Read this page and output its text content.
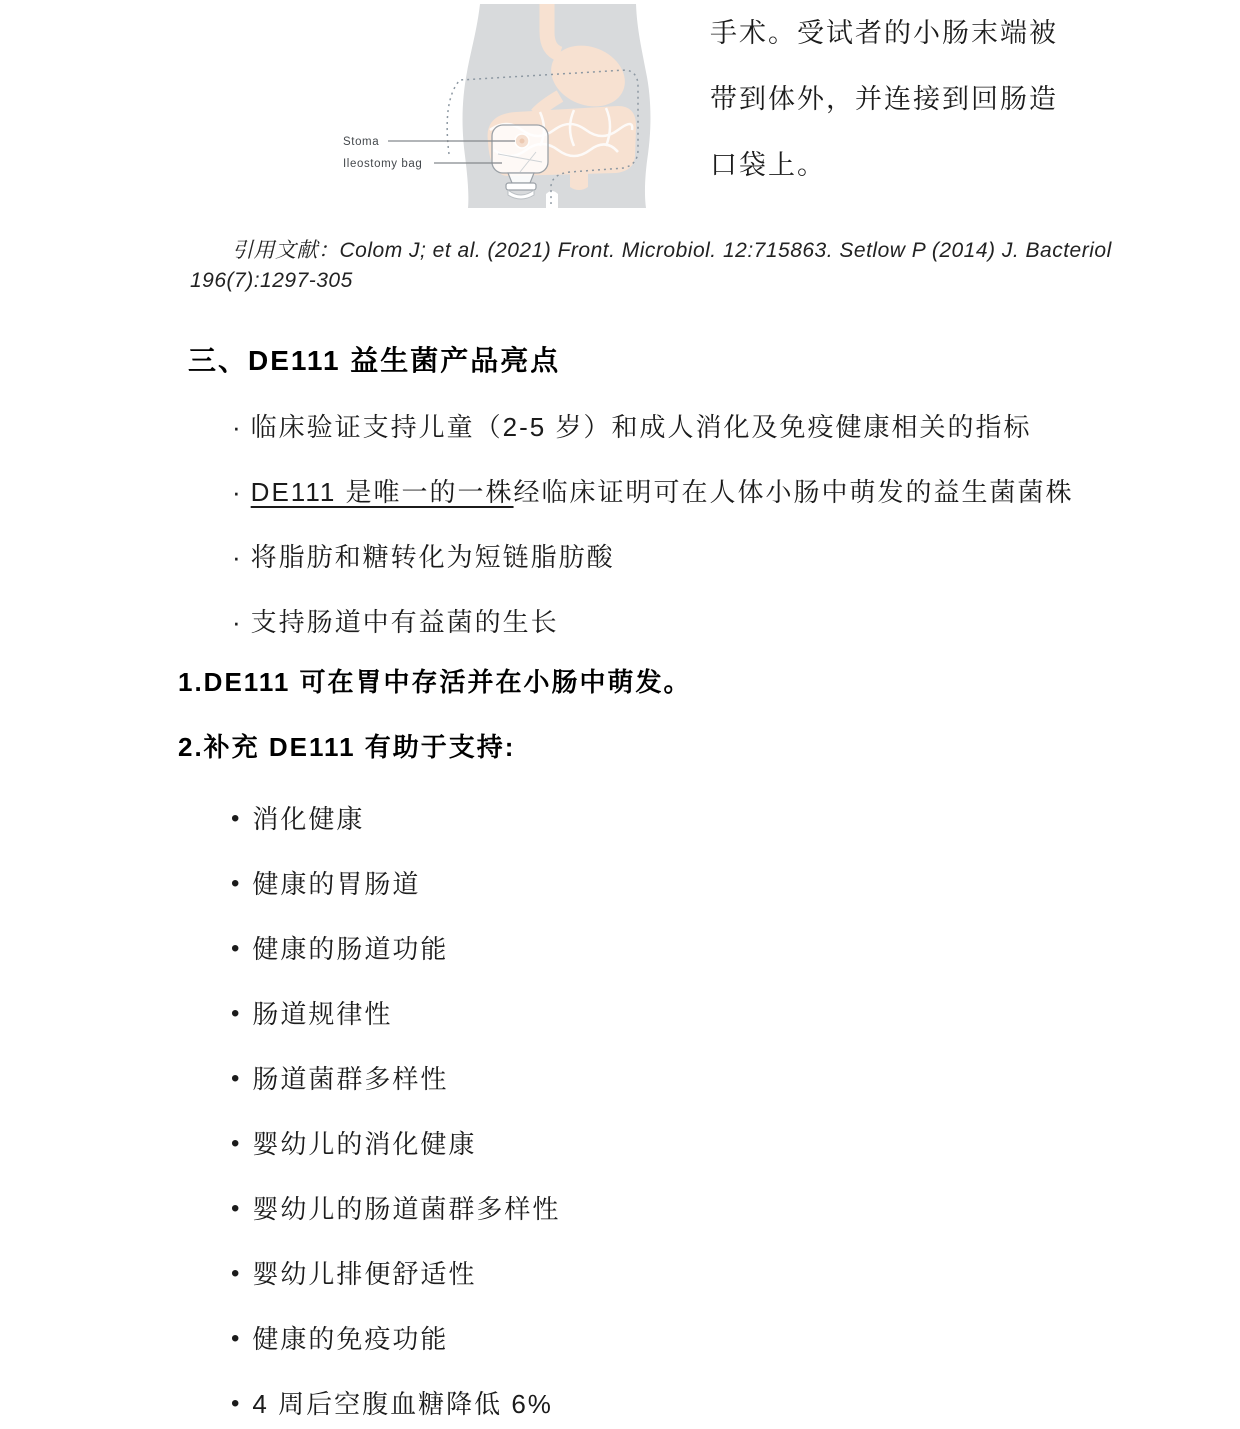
Stoma
Ileostomy bag
手术。受试者的小肠末端被
带到体外，并连接到回肠造
口袋上。
引用文献：Colom J; et al. (2021) Front. Microbiol. 12:715863. Setlow P (2014) J. Bacteriol
196(7):1297-305
三、DE111 益生菌产品亮点
· 临床验证支持儿童（2-5 岁）和成人消化及免疫健康相关的指标
· DE111 是唯一的一株经临床证明可在人体小肠中萌发的益生菌菌株
· 将脂肪和糖转化为短链脂肪酸
· 支持肠道中有益菌的生长
1.DE111 可在胃中存活并在小肠中萌发。
2.补充 DE111 有助于支持:
• 消化健康
• 健康的胃肠道
• 健康的肠道功能
• 肠道规律性
• 肠道菌群多样性
• 婴幼儿的消化健康
• 婴幼儿的肠道菌群多样性
• 婴幼儿排便舒适性
• 健康的免疫功能
• 4 周后空腹血糖降低 6%
